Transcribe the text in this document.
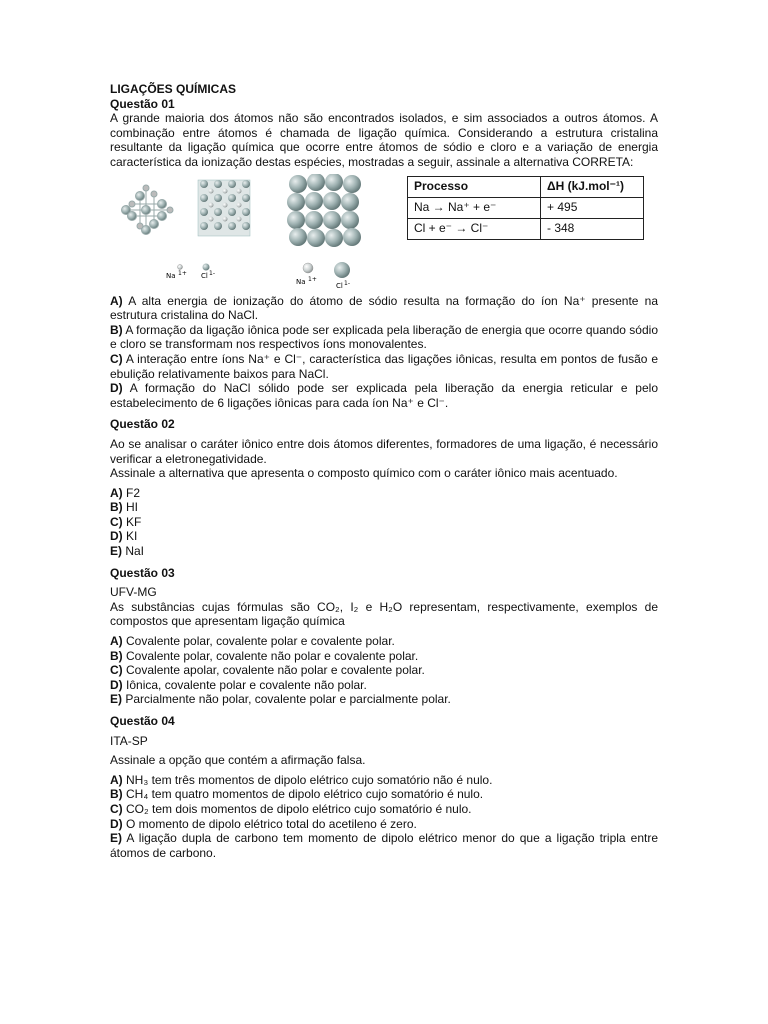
LIGAÇÕES QUÍMICAS

Questão 01

A grande maioria dos átomos não são encontrados isolados, e sim associados a outros átomos. A combinação entre átomos é chamada de ligação química. Considerando a estrutura cristalina resultante da ligação química que ocorre entre átomos de sódio e cloro e a variação de energia característica da ionização destas espécies, mostradas a seguir, assinale a alternativa CORRETA:

Na 1+ Cl 1-
Na 1+
Cl 1-
Processo	ΔH (kJ.mol⁻¹)
Na → Na⁺ + e⁻	+ 495
Cl + e⁻ → Cl⁻	- 348

A) A alta energia de ionização do átomo de sódio resulta na formação do íon Na⁺ presente na estrutura cristalina do NaCl.

B) A formação da ligação iônica pode ser explicada pela liberação de energia que ocorre quando sódio e cloro se transformam nos respectivos íons monovalentes.

C) A interação entre íons Na⁺ e Cl⁻, característica das ligações iônicas, resulta em pontos de fusão e ebulição relativamente baixos para NaCl.

D) A formação do NaCl sólido pode ser explicada pela liberação da energia reticular e pelo estabelecimento de 6 ligações iônicas para cada íon Na⁺ e Cl⁻.

Questão 02

Ao se analisar o caráter iônico entre dois átomos diferentes, formadores de uma ligação, é necessário verificar a eletronegatividade.

Assinale a alternativa que apresenta o composto químico com o caráter iônico mais acentuado.

A) F2

B) HI

C) KF

D) KI

E) NaI

Questão 03

UFV-MG

As substâncias cujas fórmulas são CO₂, I₂ e H₂O representam, respectivamente, exemplos de compostos que apresentam ligação química

A) Covalente polar, covalente polar e covalente polar.

B) Covalente polar, covalente não polar e covalente polar.

C) Covalente apolar, covalente não polar e covalente polar.

D) Iônica, covalente polar e covalente não polar.

E) Parcialmente não polar, covalente polar e parcialmente polar.

Questão 04

ITA-SP

Assinale a opção que contém a afirmação falsa.

A) NH₃ tem três momentos de dipolo elétrico cujo somatório não é nulo.

B) CH₄ tem quatro momentos de dipolo elétrico cujo somatório é nulo.

C) CO₂ tem dois momentos de dipolo elétrico cujo somatório é nulo.

D) O momento de dipolo elétrico total do acetileno é zero.

E) A ligação dupla de carbono tem momento de dipolo elétrico menor do que a ligação tripla entre átomos de carbono.
